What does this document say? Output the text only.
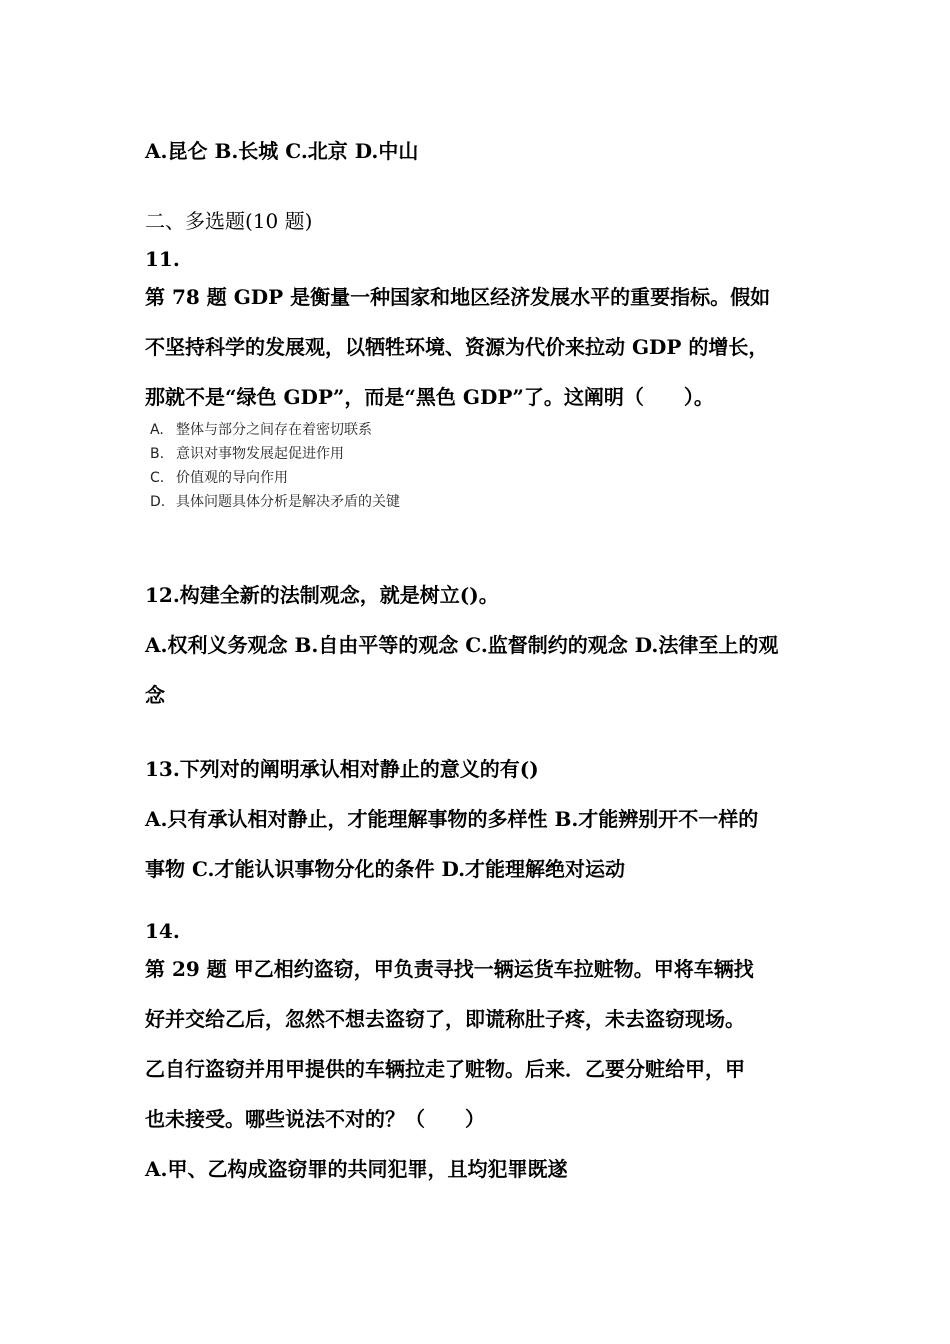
A.昆仑 B.长城 C.北京 D.中山
二、多选题(10 题)
11.
第 78 题 GDP 是衡量一种国家和地区经济发展水平的重要指标。假如
不坚持科学的发展观，以牺牲环境、资源为代价来拉动 GDP 的增长，
那就不是“绿色 GDP”，而是“黑色 GDP”了。这阐明（　　）。
A. 整体与部分之间存在着密切联系
B. 意识对事物发展起促进作用
C. 价值观的导向作用
D. 具体问题具体分析是解决矛盾的关键
12.构建全新的法制观念，就是树立()。
A.权利义务观念 B.自由平等的观念 C.监督制约的观念 D.法律至上的观
念
13.下列对的阐明承认相对静止的意义的有()
A.只有承认相对静止，才能理解事物的多样性 B.才能辨别开不一样的
事物 C.才能认识事物分化的条件 D.才能理解绝对运动
14.
第 29 题 甲乙相约盗窃，甲负责寻找一辆运货车拉赃物。甲将车辆找
好并交给乙后，忽然不想去盗窃了，即谎称肚子疼，未去盗窃现场。
乙自行盗窃并用甲提供的车辆拉走了赃物。后来．乙要分赃给甲，甲
也未接受。哪些说法不对的？（　　）
A.甲、乙构成盗窃罪的共同犯罪，且均犯罪既遂
